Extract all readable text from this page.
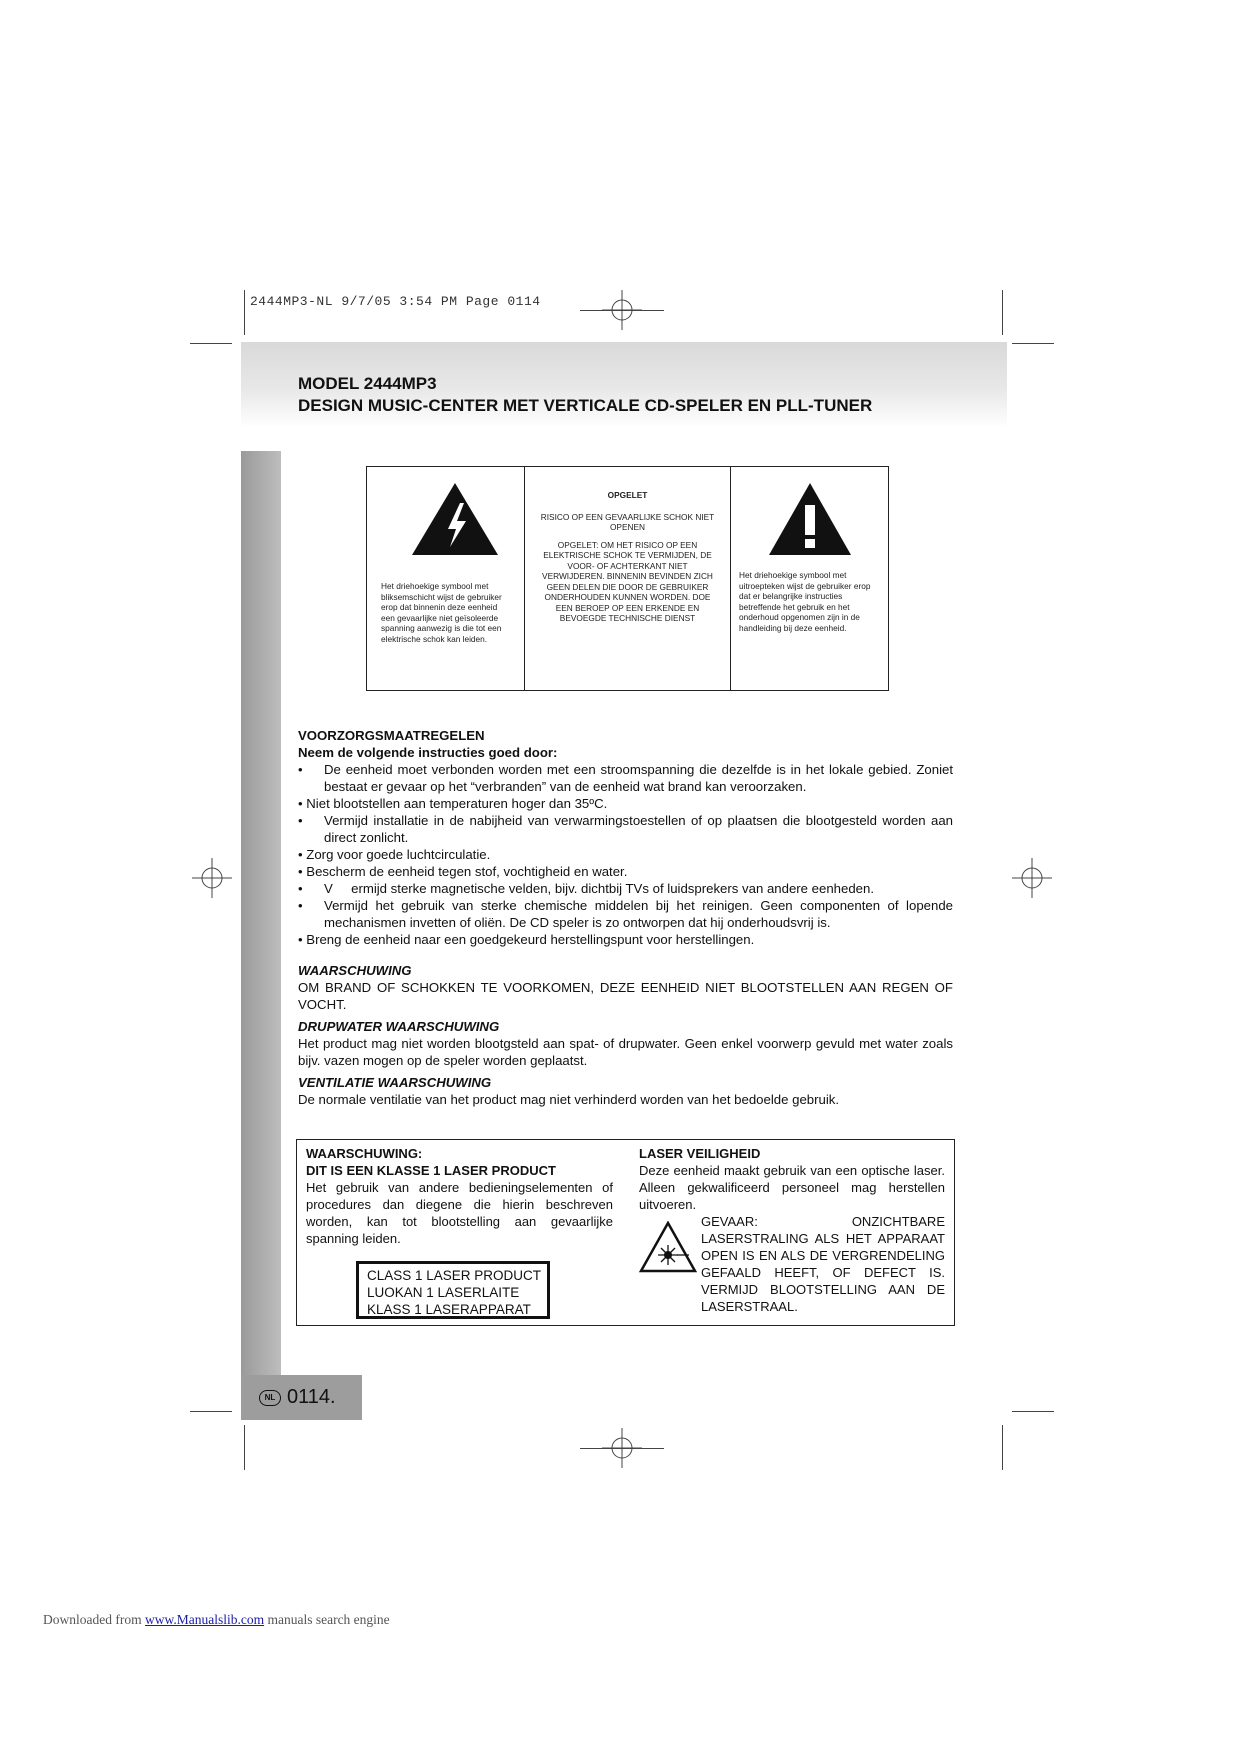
2444MP3-NL 9/7/05 3:54 PM Page 0114
MODEL 2444MP3
DESIGN MUSIC-CENTER MET VERTICALE CD-SPELER EN PLL-TUNER
NL 0114.
Het driehoekige symbool met bliksemschicht wijst de gebruiker erop dat binnenin deze eenheid een gevaarlijke niet geïsoleerde spanning aanwezig is die tot een elektrische schok kan leiden.
OPGELET
RISICO OP EEN GEVAARLIJKE SCHOK NIET OPENEN
OPGELET: OM HET RISICO OP EEN ELEKTRISCHE SCHOK TE VERMIJDEN, DE VOOR- OF ACHTERKANT NIET VERWIJDEREN. BINNENIN BEVINDEN ZICH GEEN DELEN DIE DOOR DE GEBRUIKER ONDERHOUDEN KUNNEN WORDEN. DOE EEN BEROEP OP EEN ERKENDE EN BEVOEGDE TECHNISCHE DIENST
Het driehoekige symbool met uitroepteken wijst de gebruiker erop dat er belangrijke instructies betreffende het gebruik en het onderhoud opgenomen zijn in de handleiding bij deze eenheid.
VOORZORGSMAATREGELEN
Neem de volgende instructies goed door:
• De eenheid moet verbonden worden met een stroomspanning die dezelfde is in het lokale gebied. Zoniet bestaat er gevaar op het “verbranden” van de eenheid wat brand kan veroorzaken.
• Niet blootstellen aan temperaturen hoger dan 35ºC.
• Vermijd installatie in de nabijheid van verwarmingstoestellen of op plaatsen die blootgesteld worden aan direct zonlicht.
• Zorg voor goede luchtcirculatie.
• Bescherm de eenheid tegen stof, vochtigheid en water.
• V     ermijd sterke magnetische velden, bijv. dichtbij TVs of luidsprekers van andere eenheden.
• Vermijd het gebruik van sterke chemische middelen bij het reinigen. Geen componenten of lopende mechanismen invetten of oliën. De CD speler is zo ontworpen dat hij onderhoudsvrij is.
• Breng de eenheid naar een goedgekeurd herstellingspunt voor herstellingen.
WAARSCHUWING
OM BRAND OF SCHOKKEN TE VOORKOMEN, DEZE EENHEID NIET BLOOTSTELLEN AAN REGEN OF VOCHT.
DRUPWATER WAARSCHUWING
Het product mag niet worden blootgsteld aan spat- of drupwater. Geen enkel voorwerp gevuld met water zoals bijv. vazen mogen op de speler worden geplaatst.
VENTILATIE WAARSCHUWING
De normale ventilatie van het product mag niet verhinderd worden van het bedoelde gebruik.
WAARSCHUWING:
DIT IS EEN KLASSE 1 LASER PRODUCT
Het gebruik van andere bedieningselementen of procedures dan diegene die hierin beschreven worden, kan tot blootstelling aan gevaarlijke spanning leiden.
CLASS 1 LASER PRODUCT
LUOKAN 1 LASERLAITE
KLASS 1 LASERAPPARAT
LASER VEILIGHEID
Deze eenheid maakt gebruik van een optische laser. Alleen gekwalificeerd personeel mag herstellen uitvoeren.
GEVAAR: ONZICHTBARE LASERSTRALING ALS HET APPARAAT OPEN IS EN ALS DE VERGRENDELING GEFAALD HEEFT, OF DEFECT IS. VERMIJD BLOOTSTELLING AAN DE LASERSTRAAL.
Downloaded from www.Manualslib.com manuals search engine
